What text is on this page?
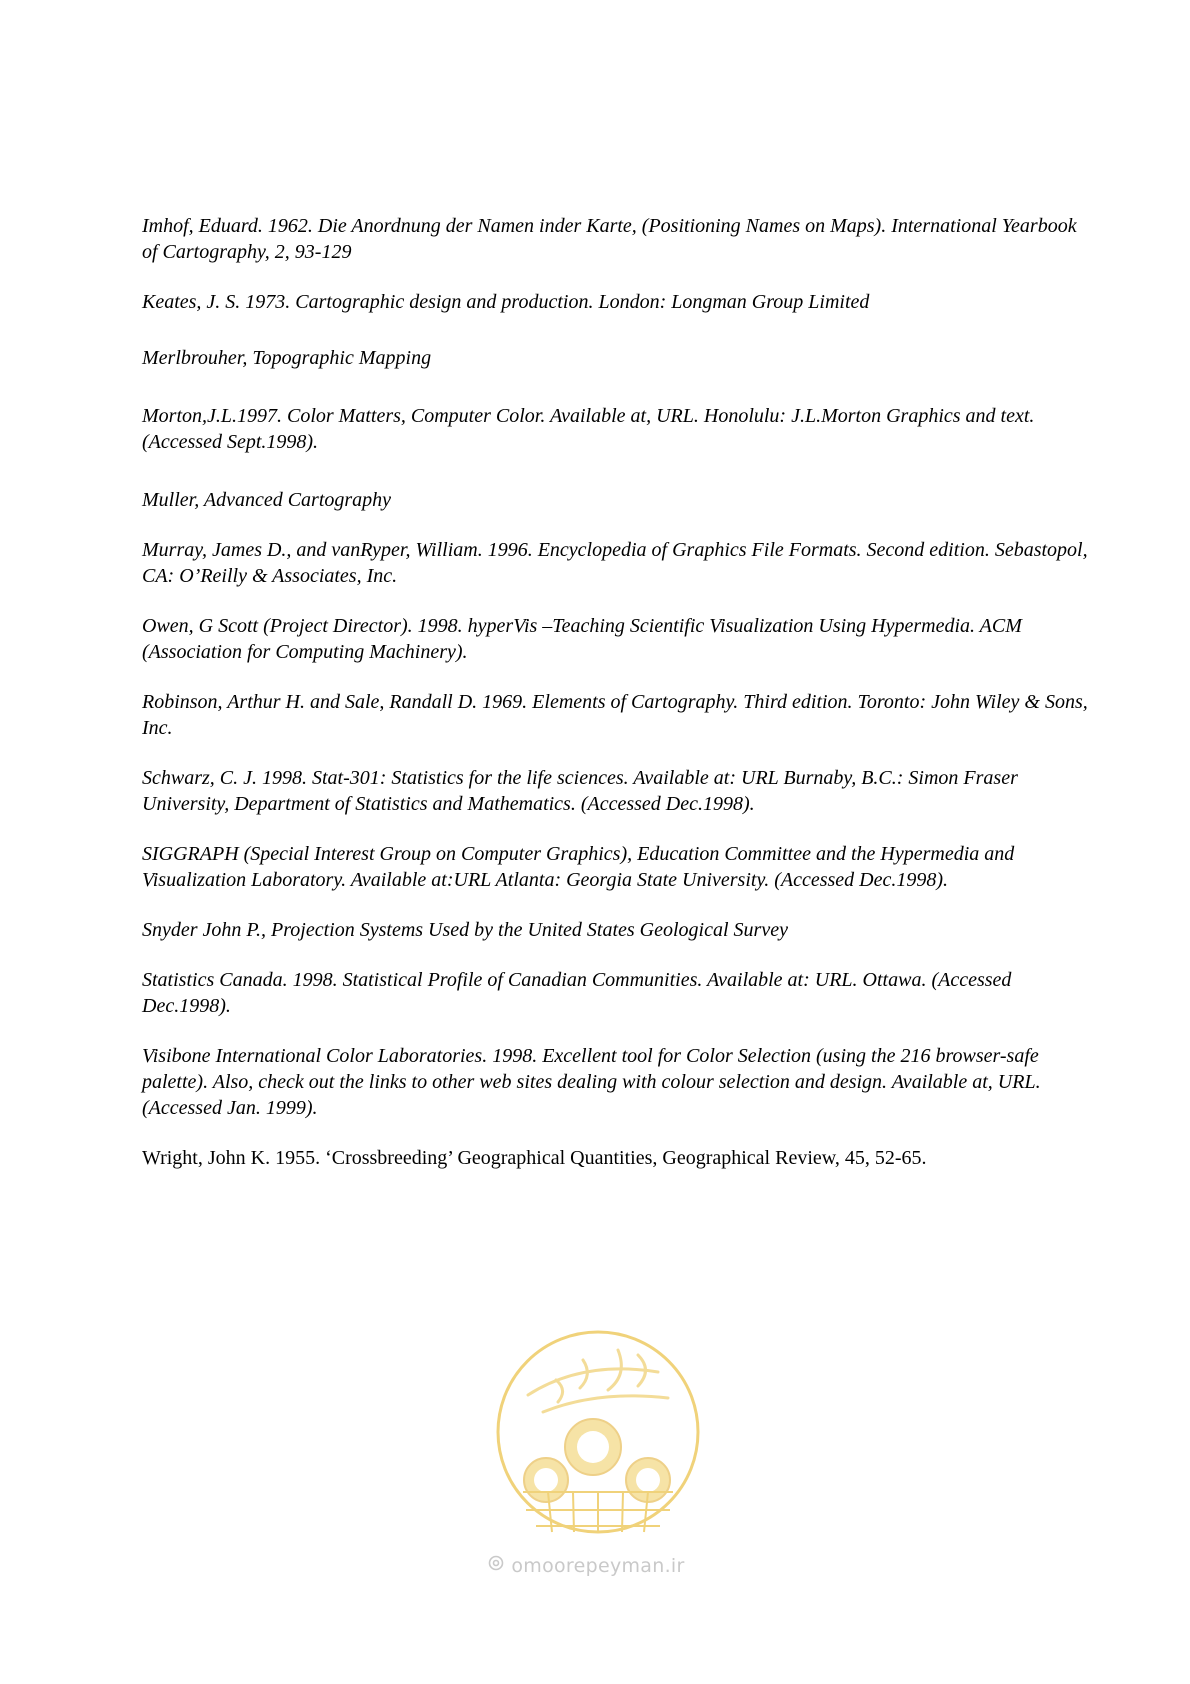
Imhof, Eduard. 1962. Die Anordnung der Namen inder Karte, (Positioning Names on Maps). International Yearbook of Cartography, 2, 93-129

Keates, J. S. 1973. Cartographic design and production. London: Longman Group Limited

Merlbrouher, Topographic Mapping

Morton,J.L.1997. Color Matters, Computer Color. Available at, URL. Honolulu: J.L.Morton Graphics and text. (Accessed Sept.1998).

Muller, Advanced Cartography

Murray, James D., and vanRyper, William. 1996. Encyclopedia of Graphics File Formats. Second edition. Sebastopol, CA: O’Reilly & Associates, Inc.

Owen, G Scott (Project Director). 1998. hyperVis –Teaching Scientific Visualization Using Hypermedia. ACM (Association for Computing Machinery).

Robinson, Arthur H. and Sale, Randall D. 1969. Elements of Cartography. Third edition. Toronto: John Wiley & Sons, Inc.

Schwarz, C. J. 1998. Stat-301: Statistics for the life sciences. Available at: URL Burnaby, B.C.: Simon Fraser University, Department of Statistics and Mathematics. (Accessed Dec.1998).

SIGGRAPH (Special Interest Group on Computer Graphics), Education Committee and the Hypermedia and Visualization Laboratory. Available at:URL Atlanta: Georgia State University. (Accessed Dec.1998).

Snyder John P., Projection Systems Used by the United States Geological Survey

Statistics Canada. 1998. Statistical Profile of Canadian Communities. Available at: URL. Ottawa. (Accessed Dec.1998).

Visibone International Color Laboratories. 1998. Excellent tool for Color Selection (using the 216 browser-safe palette). Also, check out the links to other web sites dealing with colour selection and design. Available at, URL. (Accessed Jan. 1999).

Wright, John K. 1955. ‘Crossbreeding’ Geographical Quantities, Geographical Review, 45, 52-65.

omoorepeyman.ir
